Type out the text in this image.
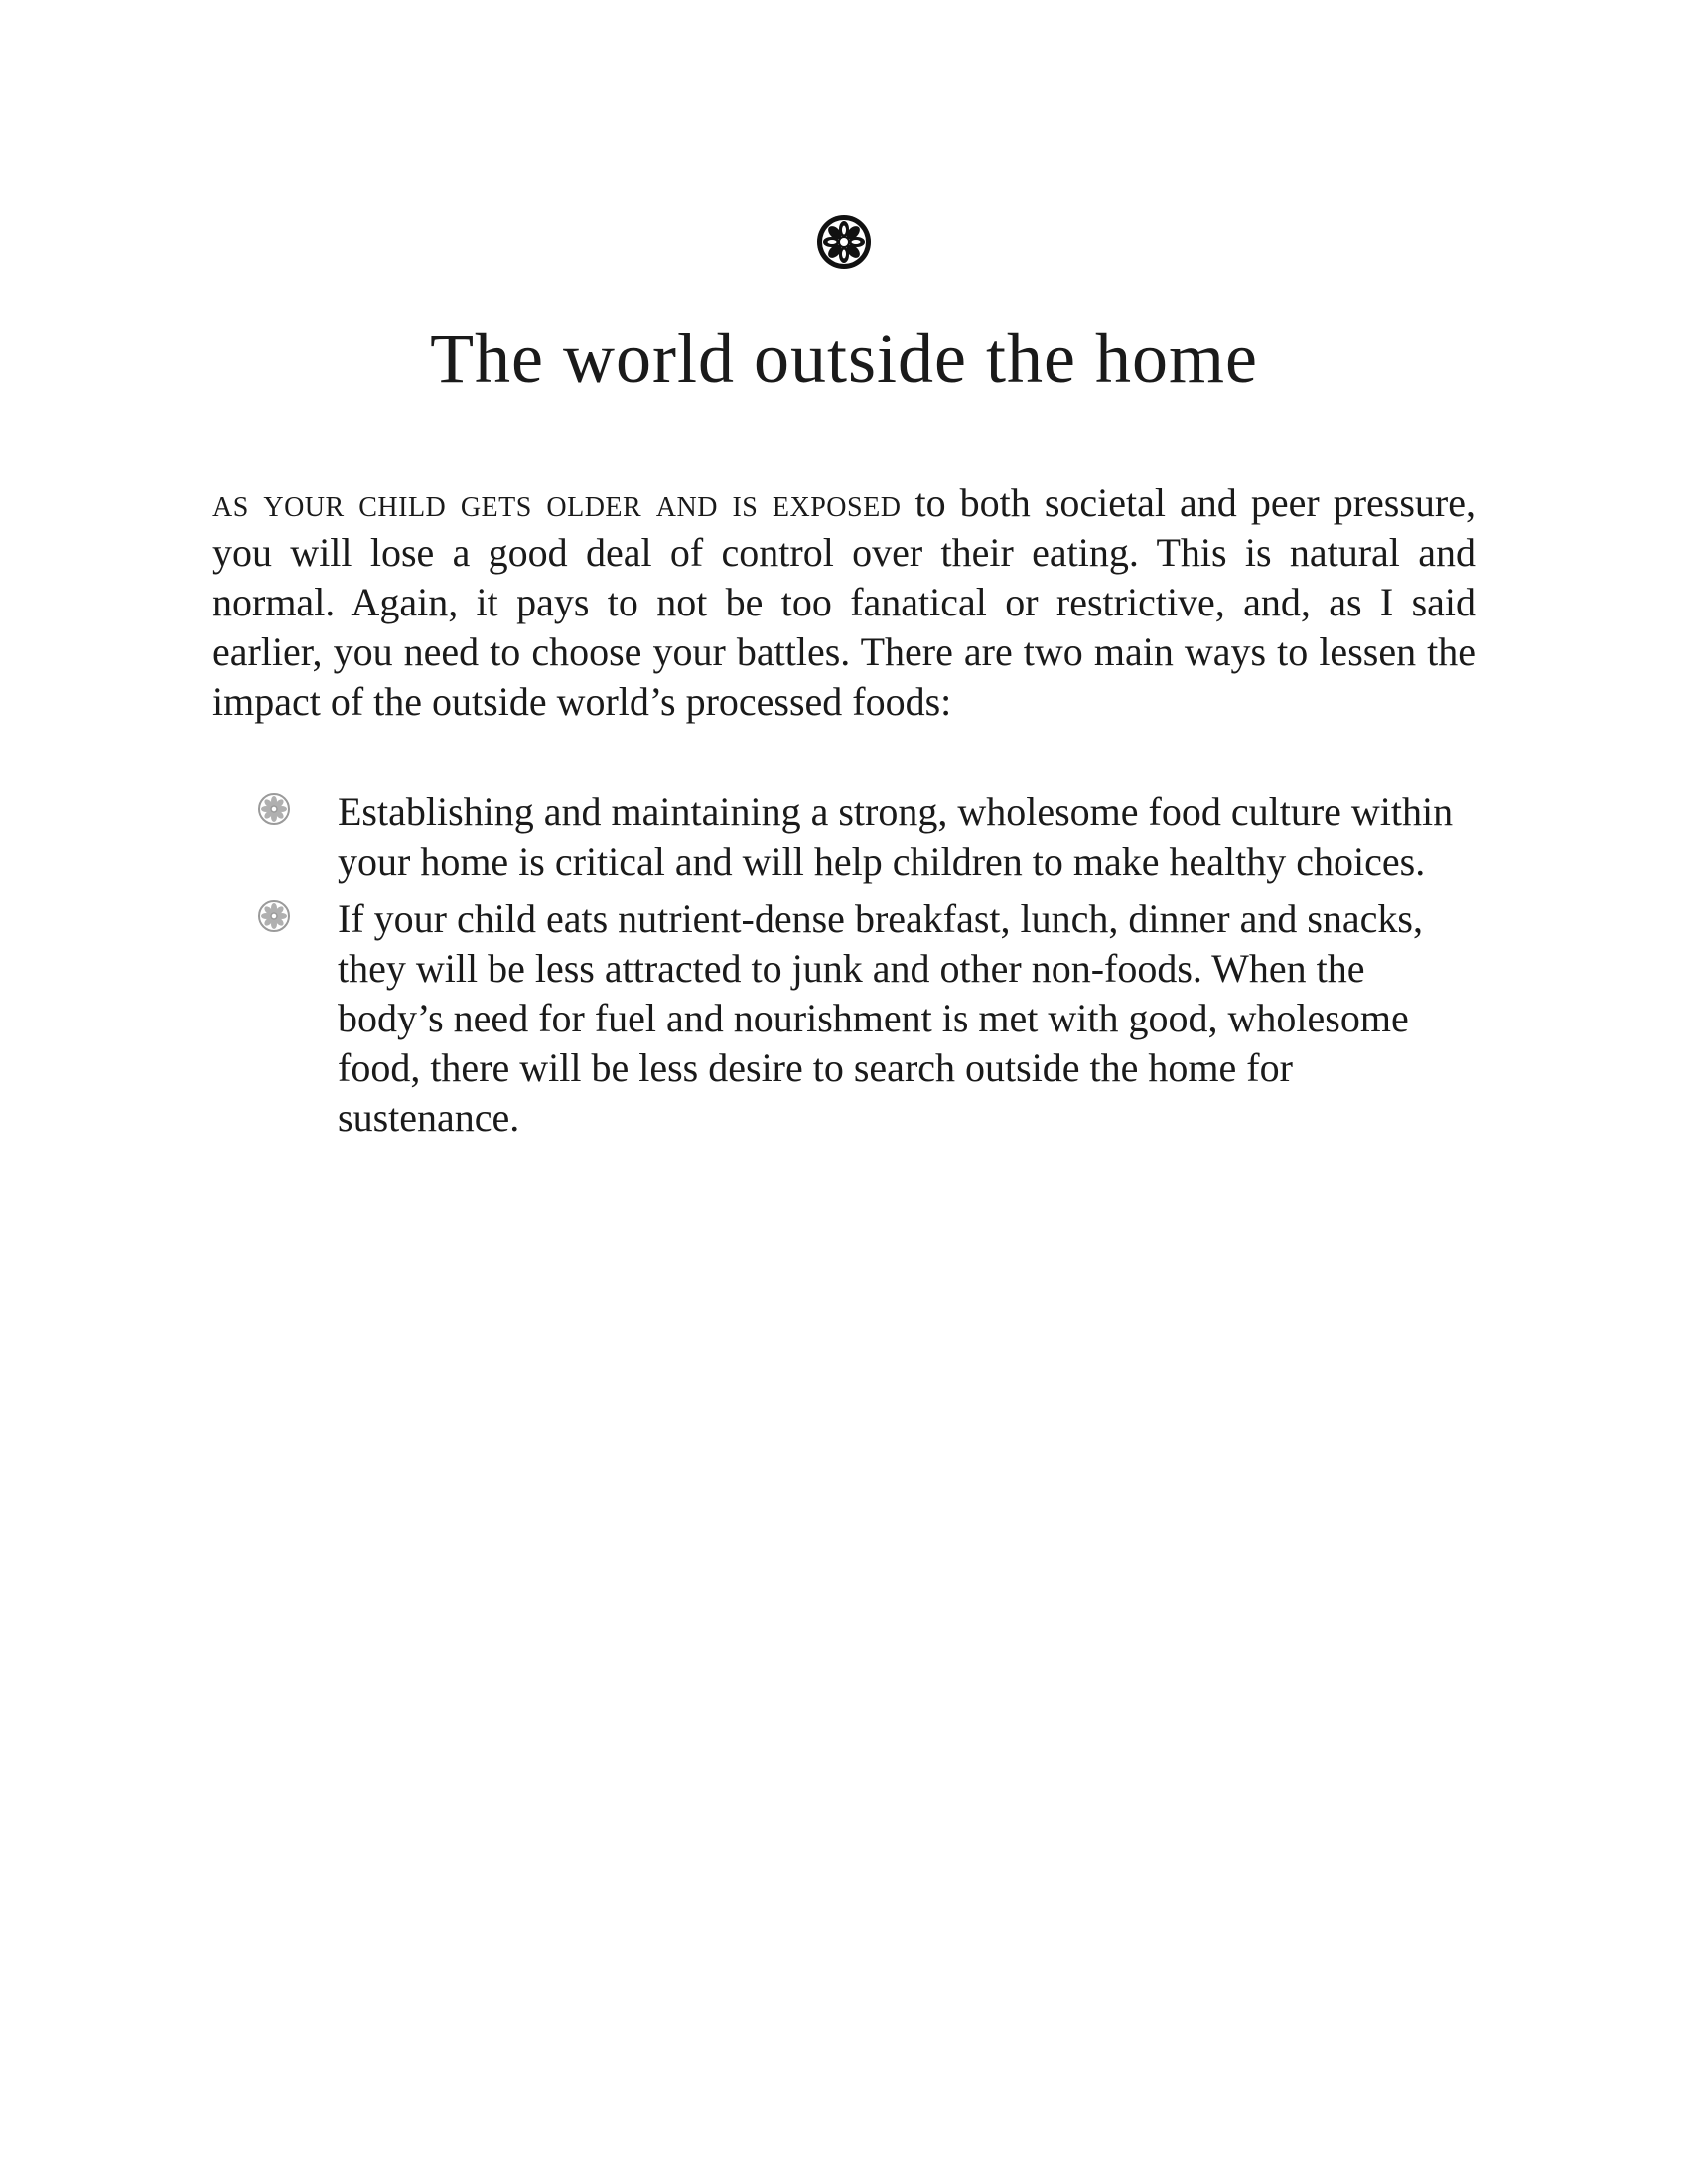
The world outside the home

as your child gets older and is exposed to both societal and peer pressure, you will lose a good deal of control over their eating. This is natural and normal. Again, it pays to not be too fanatical or restrictive, and, as I said earlier, you need to choose your battles. There are two main ways to lessen the impact of the outside world’s processed foods:

Establishing and maintaining a strong, wholesome food culture within your home is critical and will help children to make healthy choices.
If your child eats nutrient-dense breakfast, lunch, dinner and snacks, they will be less attracted to junk and other non-foods. When the body’s need for fuel and nourishment is met with good, wholesome food, there will be less desire to search outside the home for sustenance.
